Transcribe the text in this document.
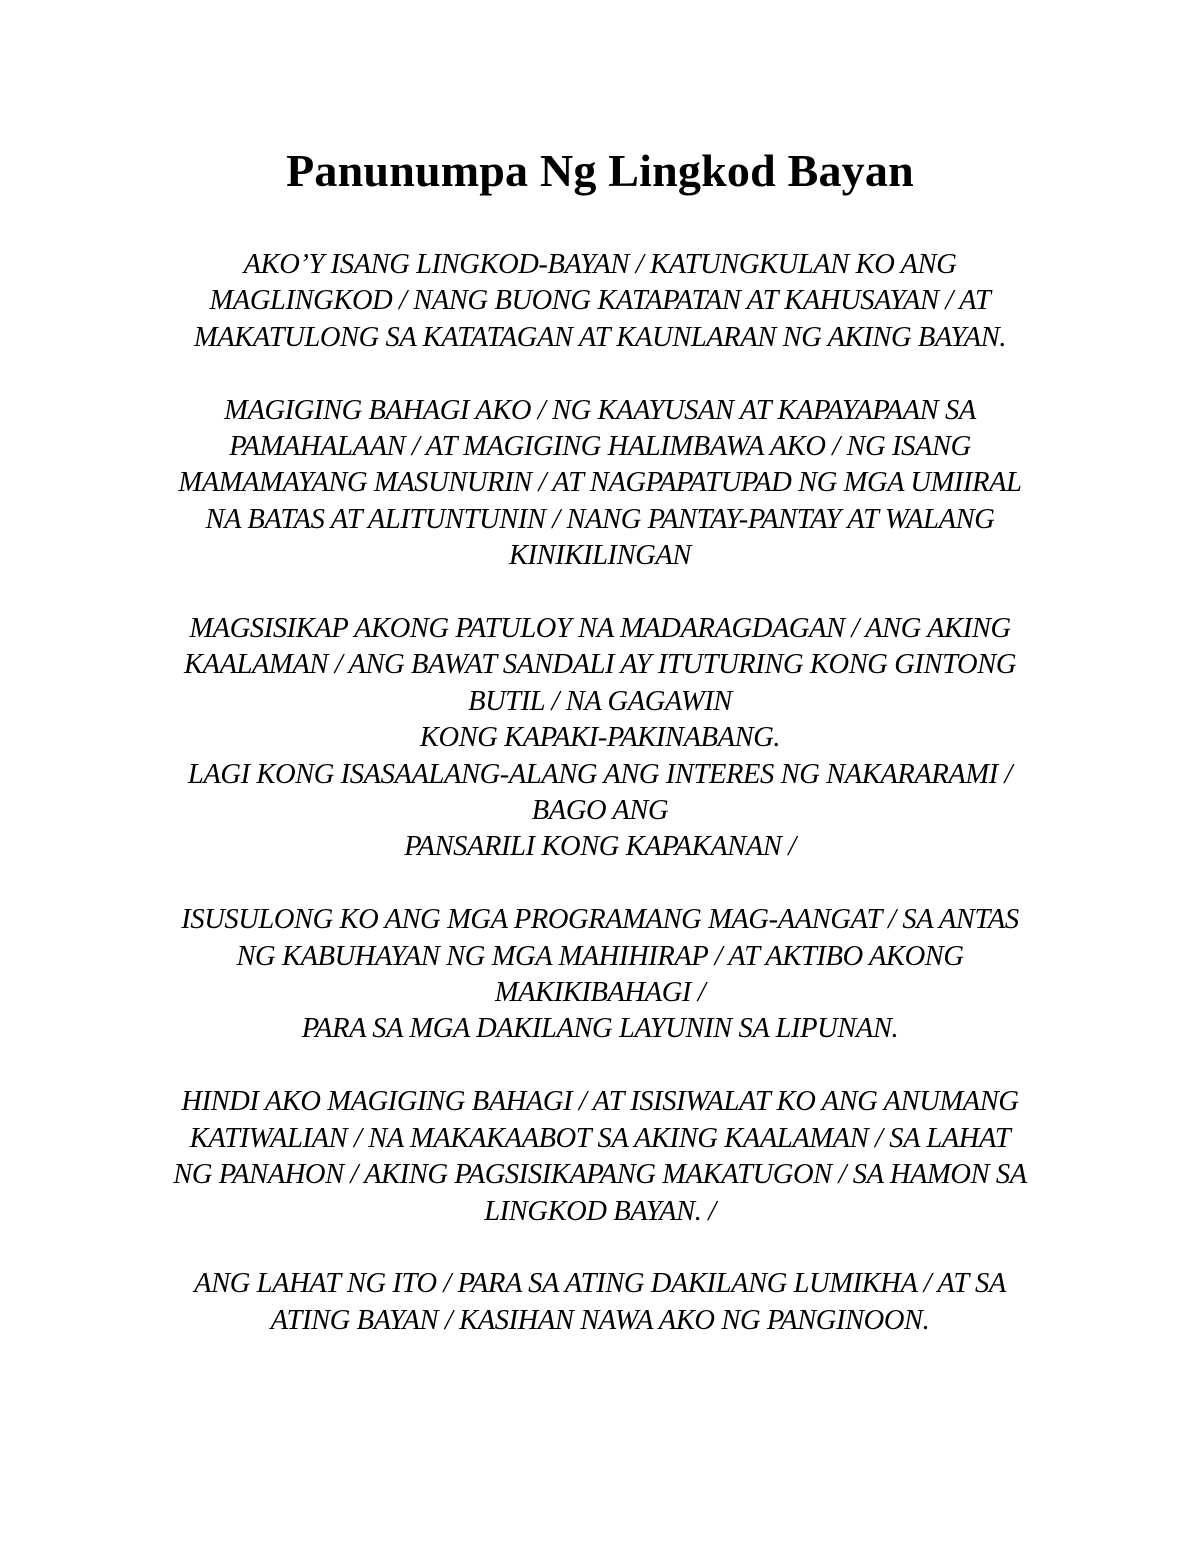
Panunumpa Ng Lingkod Bayan
AKO’Y ISANG LINGKOD-BAYAN / KATUNGKULAN KO ANG
MAGLINGKOD / NANG BUONG KATAPATAN AT KAHUSAYAN / AT
MAKATULONG SA KATATAGAN AT KAUNLARAN NG AKING BAYAN.
MAGIGING BAHAGI AKO / NG KAAYUSAN AT KAPAYAPAAN SA
PAMAHALAAN / AT MAGIGING HALIMBAWA AKO / NG ISANG
MAMAMAYANG MASUNURIN / AT NAGPAPATUPAD NG MGA UMIIRAL
NA BATAS AT ALITUNTUNIN / NANG PANTAY-PANTAY AT WALANG
KINIKILINGAN
MAGSISIKAP AKONG PATULOY NA MADARAGDAGAN / ANG AKING
KAALAMAN / ANG BAWAT SANDALI AY ITUTURING KONG GINTONG
BUTIL / NA GAGAWIN
KONG KAPAKI-PAKINABANG.
LAGI KONG ISASAALANG-ALANG ANG INTERES NG NAKARARAMI /
BAGO ANG
PANSARILI KONG KAPAKANAN /
ISUSULONG KO ANG MGA PROGRAMANG MAG-AANGAT / SA ANTAS
NG KABUHAYAN NG MGA MAHIHIRAP / AT AKTIBO AKONG
MAKIKIBAHAGI /
PARA SA MGA DAKILANG LAYUNIN SA LIPUNAN.
HINDI AKO MAGIGING BAHAGI / AT ISISIWALAT KO ANG ANUMANG
KATIWALIAN / NA MAKAKAABOT SA AKING KAALAMAN / SA LAHAT
NG PANAHON / AKING PAGSISIKAPANG MAKATUGON / SA HAMON SA
LINGKOD BAYAN. /
ANG LAHAT NG ITO / PARA SA ATING DAKILANG LUMIKHA / AT SA
ATING BAYAN / KASIHAN NAWA AKO NG PANGINOON.
